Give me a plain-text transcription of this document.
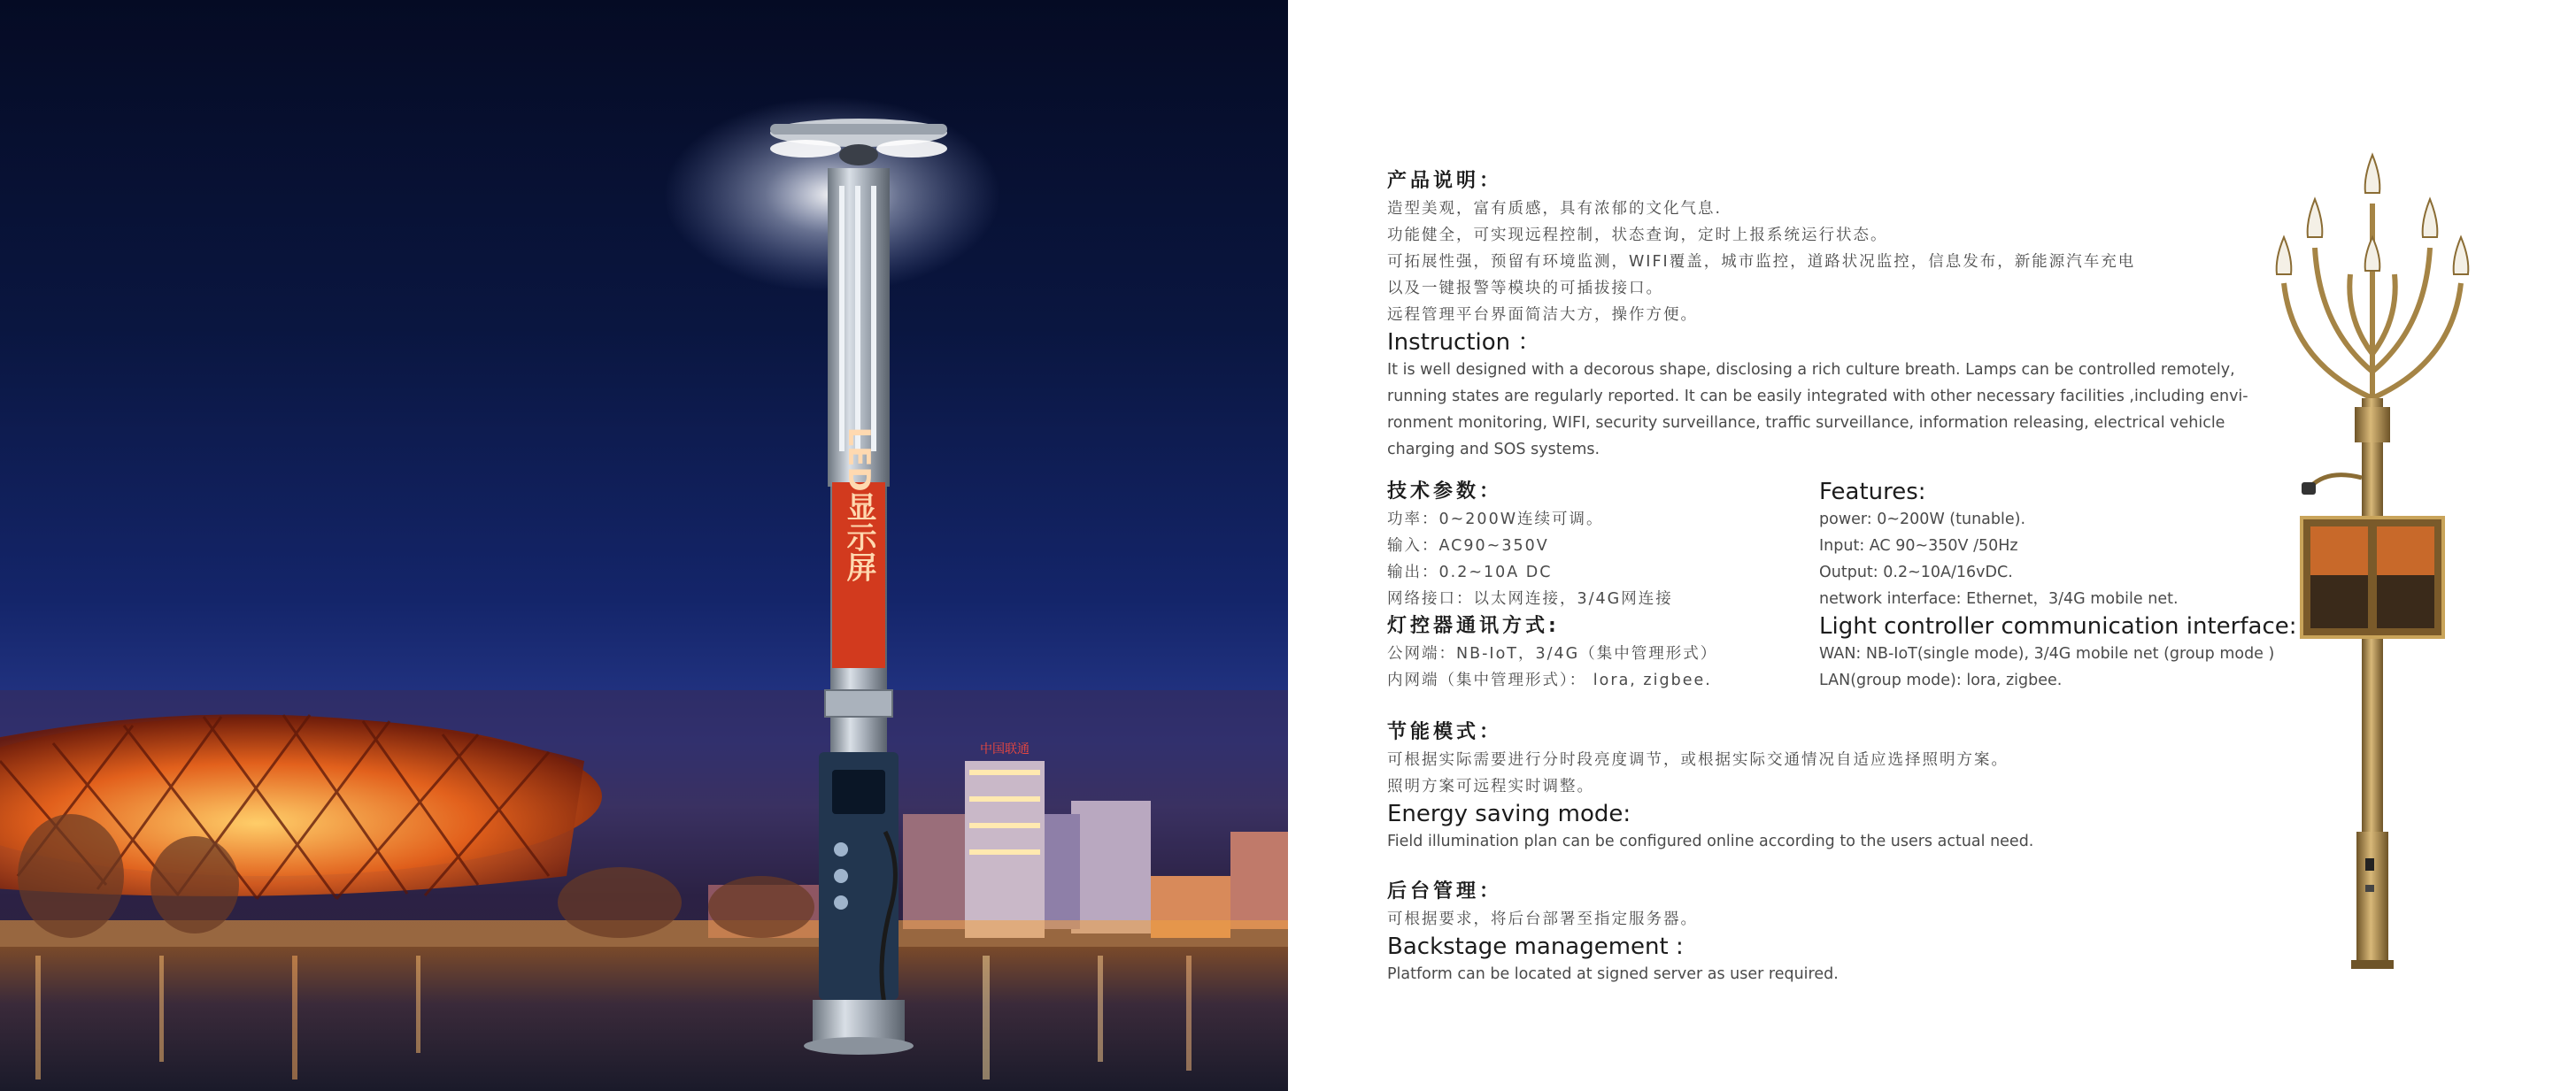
中国联通
LED显示屏
产品说明：
造型美观，富有质感，具有浓郁的文化气息.
功能健全，可实现远程控制，状态查询，定时上报系统运行状态。
可拓展性强，预留有环境监测，WIFI覆盖，城市监控，道路状况监控，信息发布，新能源汽车充电
以及一键报警等模块的可插拔接口。
远程管理平台界面简洁大方，操作方便。
Instruction ：
It is well designed with a decorous shape, disclosing a rich culture breath. Lamps can be controlled remotely,
running states are regularly reported. It can be easily integrated with other necessary facilities ,including envi-
ronment monitoring, WIFI, security surveillance, traffic surveillance, information releasing, electrical vehicle
charging and SOS systems.
技术参数：
功率：0~200W连续可调。
输入：AC90~350V
输出：0.2~10A DC
网络接口：以太网连接，3/4G网连接
灯控器通讯方式:
公网端：NB-IoT，3/4G（集中管理形式）
内网端（集中管理形式）： lora, zigbee.
Features:
power: 0~200W (tunable).
Input: AC 90~350V /50Hz
Output: 0.2~10A/16vDC.
network interface: Ethernet，3/4G mobile net.
Light controller communication interface:
WAN: NB-IoT(single mode), 3/4G mobile net (group mode )
LAN(group mode): lora, zigbee.
节能模式：
可根据实际需要进行分时段亮度调节，或根据实际交通情况自适应选择照明方案。
照明方案可远程实时调整。
Energy saving mode:
Field illumination plan can be configured online according to the users actual need.
后台管理：
可根据要求，将后台部署至指定服务器。
Backstage management :
Platform can be located at signed server as user required.
